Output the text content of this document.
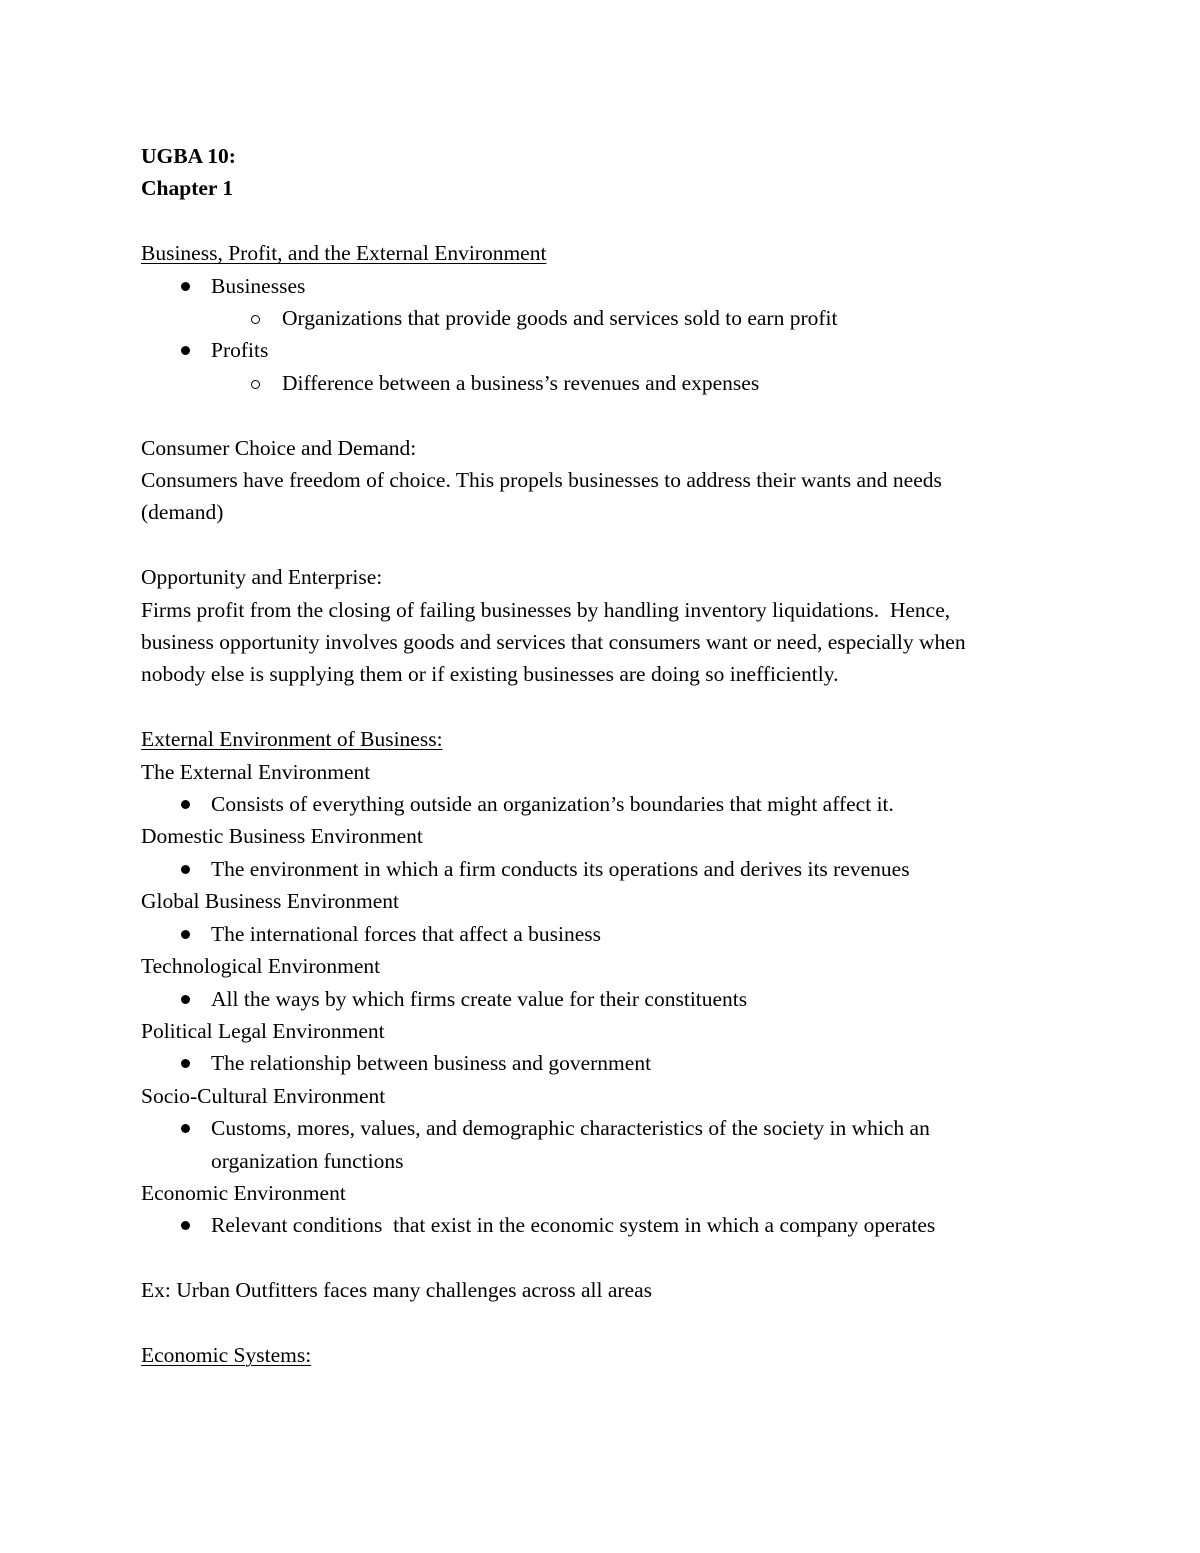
UGBA 10:

Chapter 1

Business, Profit, and the External Environment

Businesses

Organizations that provide goods and services sold to earn profit

Profits

Difference between a business’s revenues and expenses

Consumer Choice and Demand:

Consumers have freedom of choice. This propels businesses to address their wants and needs

(demand)

Opportunity and Enterprise:

Firms profit from the closing of failing businesses by handling inventory liquidations.  Hence,

business opportunity involves goods and services that consumers want or need, especially when

nobody else is supplying them or if existing businesses are doing so inefficiently.

External Environment of Business:

The External Environment

Consists of everything outside an organization’s boundaries that might affect it.

Domestic Business Environment

The environment in which a firm conducts its operations and derives its revenues

Global Business Environment

The international forces that affect a business

Technological Environment

All the ways by which firms create value for their constituents

Political Legal Environment

The relationship between business and government

Socio-Cultural Environment

Customs, mores, values, and demographic characteristics of the society in which an

organization functions

Economic Environment

Relevant conditions  that exist in the economic system in which a company operates

Ex: Urban Outfitters faces many challenges across all areas

Economic Systems:
